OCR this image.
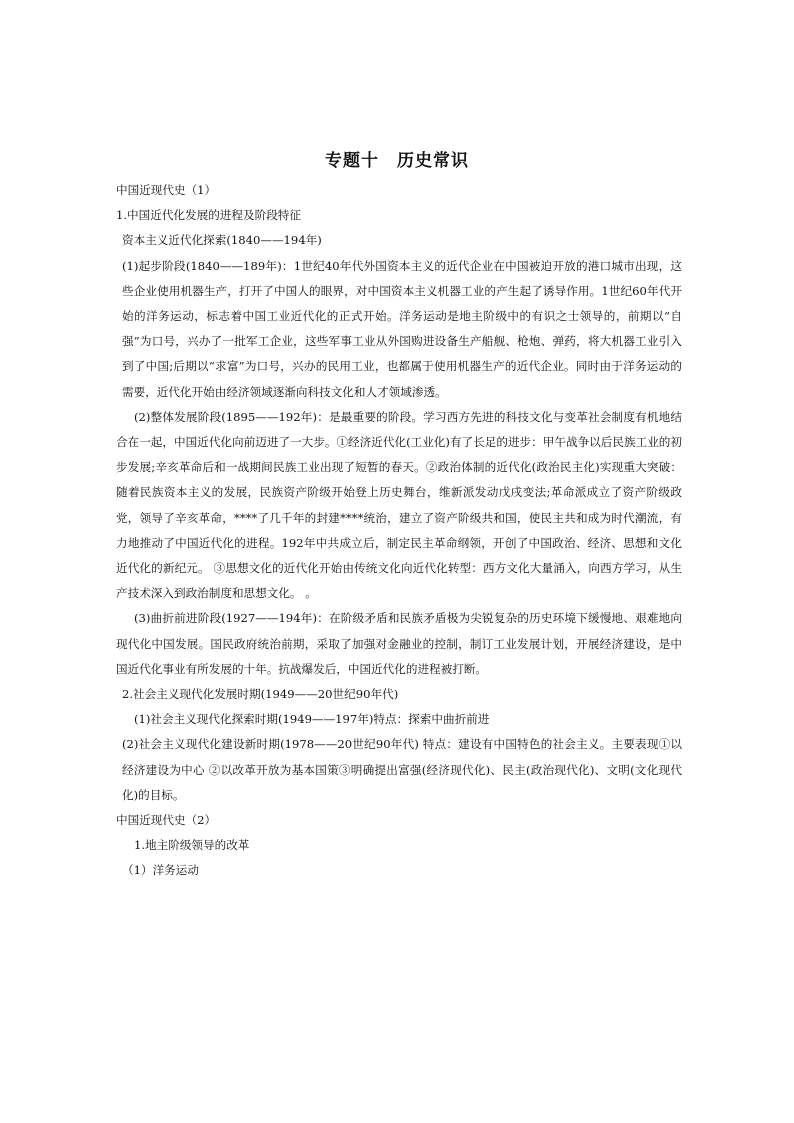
专题十　历史常识

中国近现代史（1）

1.中国近代化发展的进程及阶段特征

资本主义近代化探索(1840——194年)

(1)起步阶段(1840——189年)：1世纪40年代外国资本主义的近代企业在中国被迫开放的港口城市出现，这些企业使用机器生产，打开了中国人的眼界，对中国资本主义机器工业的产生起了诱导作用。1世纪60年代开始的洋务运动，标志着中国工业近代化的正式开始。洋务运动是地主阶级中的有识之士领导的，前期以“自强”为口号，兴办了一批军工企业，这些军事工业从外国购进设备生产船舰、枪炮、弹药，将大机器工业引入到了中国;后期以“求富”为口号，兴办的民用工业，也都属于使用机器生产的近代企业。同时由于洋务运动的需要，近代化开始由经济领域逐渐向科技文化和人才领域渗透。

(2)整体发展阶段(1895——192年)：是最重要的阶段。学习西方先进的科技文化与变革社会制度有机地结合在一起，中国近代化向前迈进了一大步。①经济近代化(工业化)有了长足的进步：甲午战争以后民族工业的初步发展;辛亥革命后和一战期间民族工业出现了短暂的春天。②政治体制的近代化(政治民主化)实现重大突破：随着民族资本主义的发展，民族资产阶级开始登上历史舞台，维新派发动戊戌变法;革命派成立了资产阶级政党，领导了辛亥革命，****了几千年的封建****统治，建立了资产阶级共和国，使民主共和成为时代潮流，有力地推动了中国近代化的进程。192年中共成立后，制定民主革命纲领，开创了中国政治、经济、思想和文化近代化的新纪元。 ③思想文化的近代化开始由传统文化向近代化转型：西方文化大量涌入，向西方学习，从生产技术深入到政治制度和思想文化。 。

(3)曲折前进阶段(1927——194年)：在阶级矛盾和民族矛盾极为尖锐复杂的历史环境下缓慢地、艰难地向现代化中国发展。国民政府统治前期，采取了加强对金融业的控制，制订工业发展计划，开展经济建设，是中国近代化事业有所发展的十年。抗战爆发后，中国近代化的进程被打断。

2.社会主义现代化发展时期(1949——20世纪90年代)

(1)社会主义现代化探索时期(1949——197年)特点：探索中曲折前进

(2)社会主义现代化建设新时期(1978——20世纪90年代) 特点：建设有中国特色的社会主义。主要表现①以经济建设为中心 ②以改革开放为基本国策③明确提出富强(经济现代化)、民主(政治现代化)、文明(文化现代化)的目标。

中国近现代史（2）

1.地主阶级领导的改革

（1）洋务运动
